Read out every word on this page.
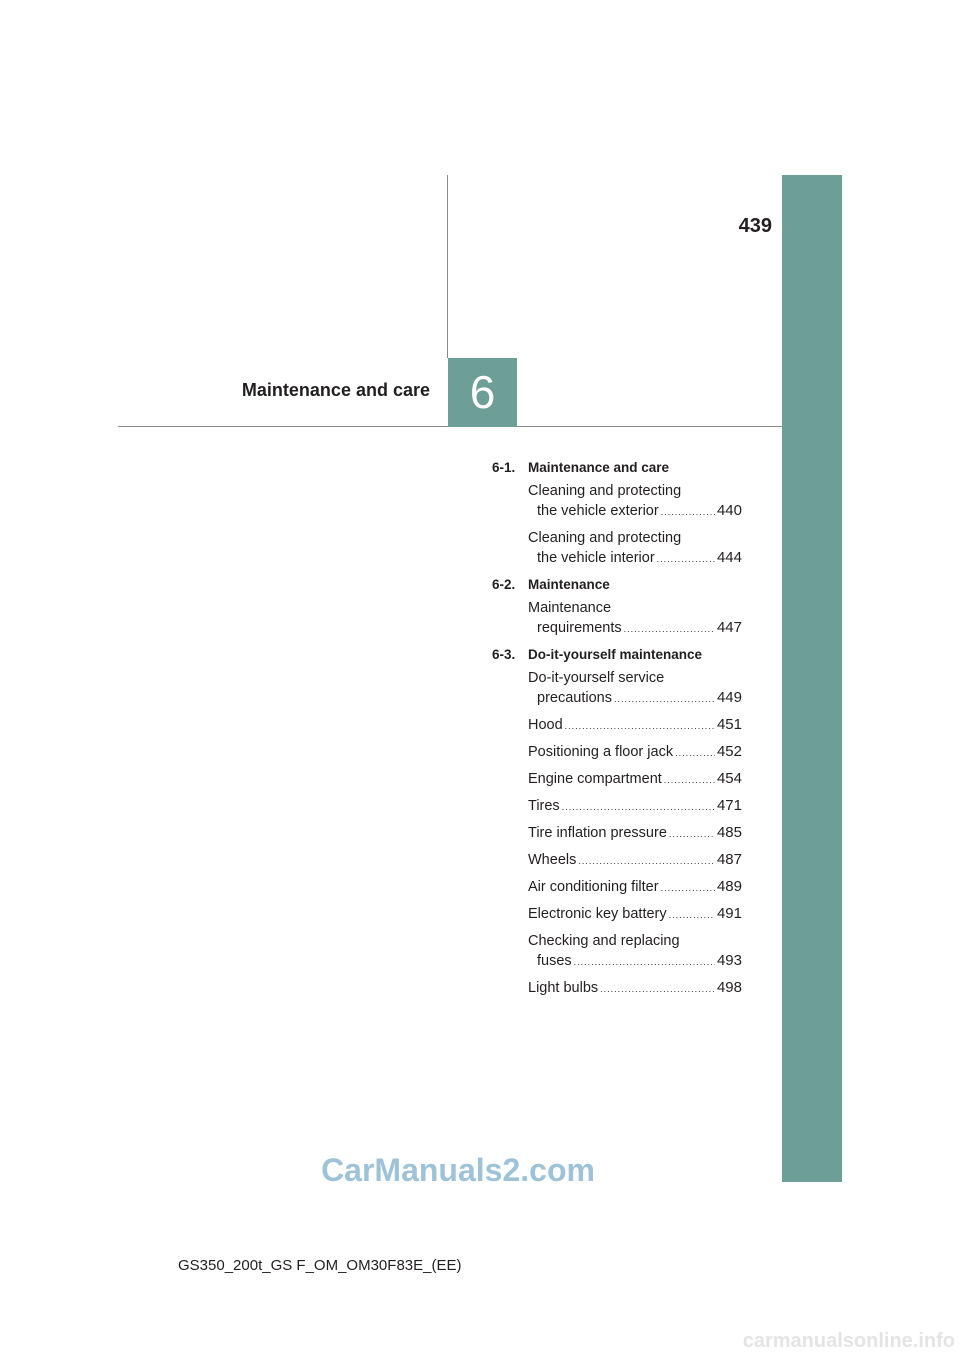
439
Maintenance and care 6
6-1. Maintenance and care
Cleaning and protecting
the vehicle exterior .....	440
Cleaning and protecting
the vehicle interior .....	444
6-2. Maintenance
Maintenance
requirements .....	447
6-3. Do-it-yourself maintenance
Do-it-yourself service
precautions .....	449
Hood .....	451
Positioning a floor jack .....	452
Engine compartment .....	454
Tires .....	471
Tire inflation pressure .....	485
Wheels .....	487
Air conditioning filter .....	489
Electronic key battery .....	491
Checking and replacing
fuses .....	493
Light bulbs .....	498
CarManuals2.com
GS350_200t_GS F_OM_OM30F83E_(EE)
carmanualsonline.info
